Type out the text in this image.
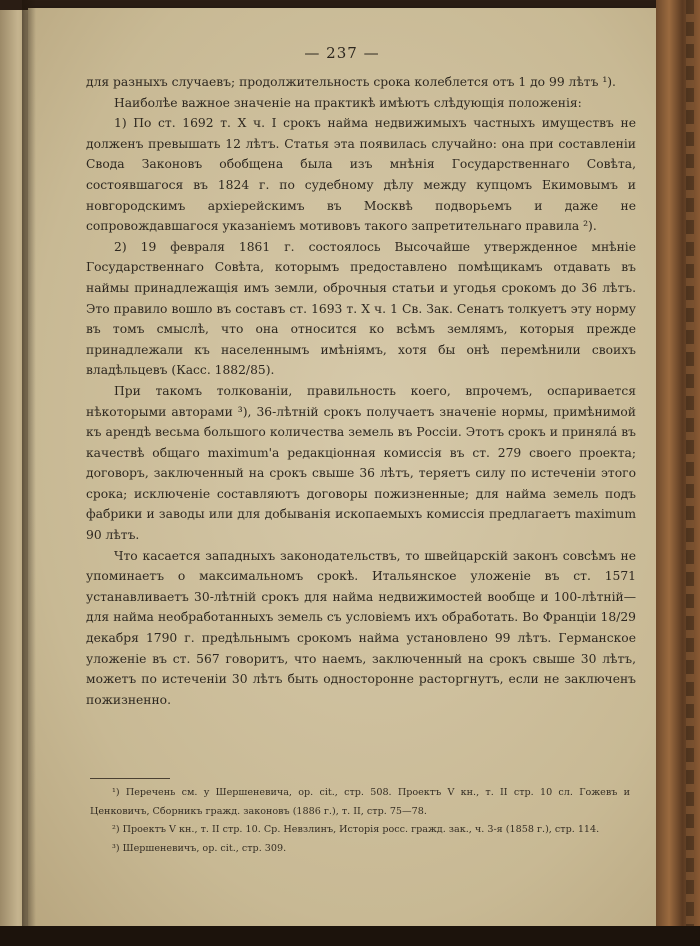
— 237 —

для разныхъ случаевъ; продолжительность срока колеблется отъ 1 до 99 лѣтъ ¹).

Наиболѣе важное значеніе на практикѣ имѣютъ слѣдующія положенія:

1) По ст. 1692 т. X ч. I срокъ найма недвижимыхъ частныхъ имуществъ не долженъ превышать 12 лѣтъ. Статья эта появилась случайно: она при составленіи Свода Законовъ обобщена была изъ мнѣнія Государственнаго Совѣта, состоявшагося въ 1824 г. по судебному дѣлу между купцомъ Екимовымъ и новгородскимъ архіерейскимъ въ Москвѣ подворьемъ и даже не сопровождавшагося указаніемъ мотивовъ такого запретительнаго правила ²).

2) 19 февраля 1861 г. состоялось Высочайше утвержденное мнѣніе Государственнаго Совѣта, которымъ предоставлено помѣщикамъ отдавать въ наймы принадлежащія имъ земли, оброчныя статьи и угодья срокомъ до 36 лѣтъ. Это правило вошло въ составъ ст. 1693 т. X ч. 1 Св. Зак. Сенатъ толкуетъ эту норму въ томъ смыслѣ, что она относится ко всѣмъ землямъ, которыя прежде принадлежали къ населеннымъ имѣніямъ, хотя бы онѣ перемѣнили своихъ владѣльцевъ (Касс. 1882/85).

При такомъ толкованіи, правильность коего, впрочемъ, оспаривается нѣкоторыми авторами ³), 36-лѣтній срокъ получаетъ значеніе нормы, примѣнимой къ арендѣ весьма большого количества земель въ Россіи. Этотъ срокъ и принялá въ качествѣ общаго maximum'a редакціонная комиссія въ ст. 279 своего проекта; договоръ, заключенный на срокъ свыше 36 лѣтъ, теряетъ силу по истеченіи этого срока; исключеніе составляютъ договоры пожизненные; для найма земель подъ фабрики и заводы или для добыванія ископаемыхъ комиссія предлагаетъ maximum 90 лѣтъ.

Что касается западныхъ законодательствъ, то швейцарскій законъ совсѣмъ не упоминаетъ о максимальномъ срокѣ. Итальянское уложеніе въ ст. 1571 устанавливаетъ 30-лѣтній срокъ для найма недвижимостей вообще и 100-лѣтній—для найма необработанныхъ земель съ условіемъ ихъ обработать. Во Франціи 18/29 декабря 1790 г. предѣльнымъ срокомъ найма установлено 99 лѣтъ. Германское уложеніе въ ст. 567 говоритъ, что наемъ, заключенный на срокъ свыше 30 лѣтъ, можетъ по истеченіи 30 лѣтъ быть односторонне расторгнутъ, если не заключенъ пожизненно.

¹) Перечень см. у Шершеневича, ор. cit., стр. 508. Проектъ V кн., т. II стр. 10 сл. Гожевъ и Ценковичъ, Сборникъ гражд. законовъ (1886 г.), т. II, стр. 75—78.

²) Проектъ V кн., т. II стр. 10. Ср. Невзлинъ, Исторія росс. гражд. зак., ч. 3-я (1858 г.), стр. 114.

³) Шершеневичъ, ор. cit., стр. 309.
